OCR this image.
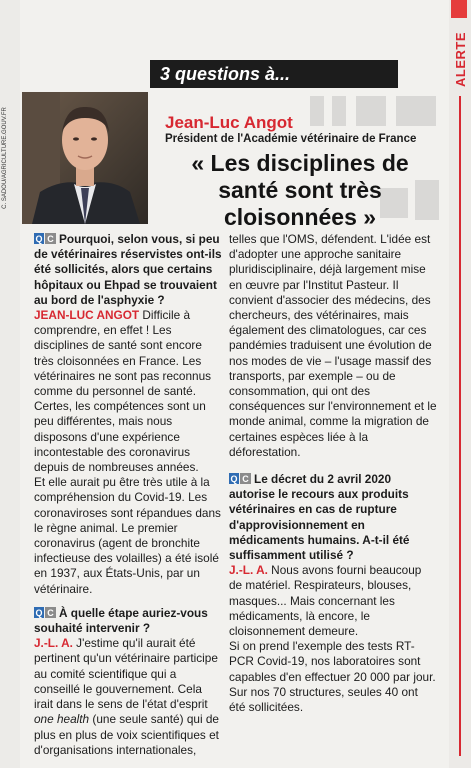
ALERTE
3 questions à...
C. SADOU/AGRICULTURE.GOUV.FR	Jean-Luc Angot
Président de l'Académie vétérinaire de France
« Les disciplines de santé sont très cloisonnées »

Q C Pourquoi, selon vous, si peu de vétérinaires réservistes ont-ils été sollicités, alors que certains hôpitaux ou Ehpad se trouvaient au bord de l'asphyxie ?

JEAN-LUC ANGOT Difficile à comprendre, en effet ! Les disciplines de santé sont encore très cloisonnées en France. Les vétérinaires ne sont pas reconnus comme du personnel de santé. Certes, les compétences sont un peu différentes, mais nous disposons d'une expérience incontestable des coronavirus depuis de nombreuses années.

Et elle aurait pu être très utile à la compréhension du Covid-19. Les coronaviroses sont répandues dans le règne animal. Le premier coronavirus (agent de bronchite infectieuse des volailles) a été isolé en 1937, aux États-Unis, par un vétérinaire.

Q C À quelle étape auriez-vous souhaité intervenir ?

J.-L. A. J'estime qu'il aurait été pertinent qu'un vétérinaire participe au comité scientifique qui a conseillé le gouvernement. Cela irait dans le sens de l'état d'esprit one health (une seule santé) qui de plus en plus de voix scientifiques et d'organisations internationales,

Q C Le décret du 2 avril 2020 autorise le recours aux produits vétérinaires en cas de rupture d'approvisionnement en médicaments humains. A-t-il été suffisamment utilisé ?

J.-L. A. Nous avons fourni beaucoup de matériel. Respirateurs, blouses, masques... Mais concernant les médicaments, là encore, le cloisonnement demeure.

Si on prend l'exemple des tests RT-PCR Covid-19, nos laboratoires sont capables d'en effectuer 20 000 par jour. Sur nos 70 structures, seules 40 ont été sollicitées.

telles que l'OMS, défendent. L'idée est d'adopter une approche sanitaire pluridisciplinaire, déjà largement mise en œuvre par l'Institut Pasteur. Il convient d'associer des médecins, des chercheurs, des vétérinaires, mais également des climatologues, car ces pandémies traduisent une évolution de nos modes de vie – l'usage massif des transports, par exemple – ou de consommation, qui ont des conséquences sur l'environnement et le monde animal, comme la migration de certaines espèces liée à la déforestation.
